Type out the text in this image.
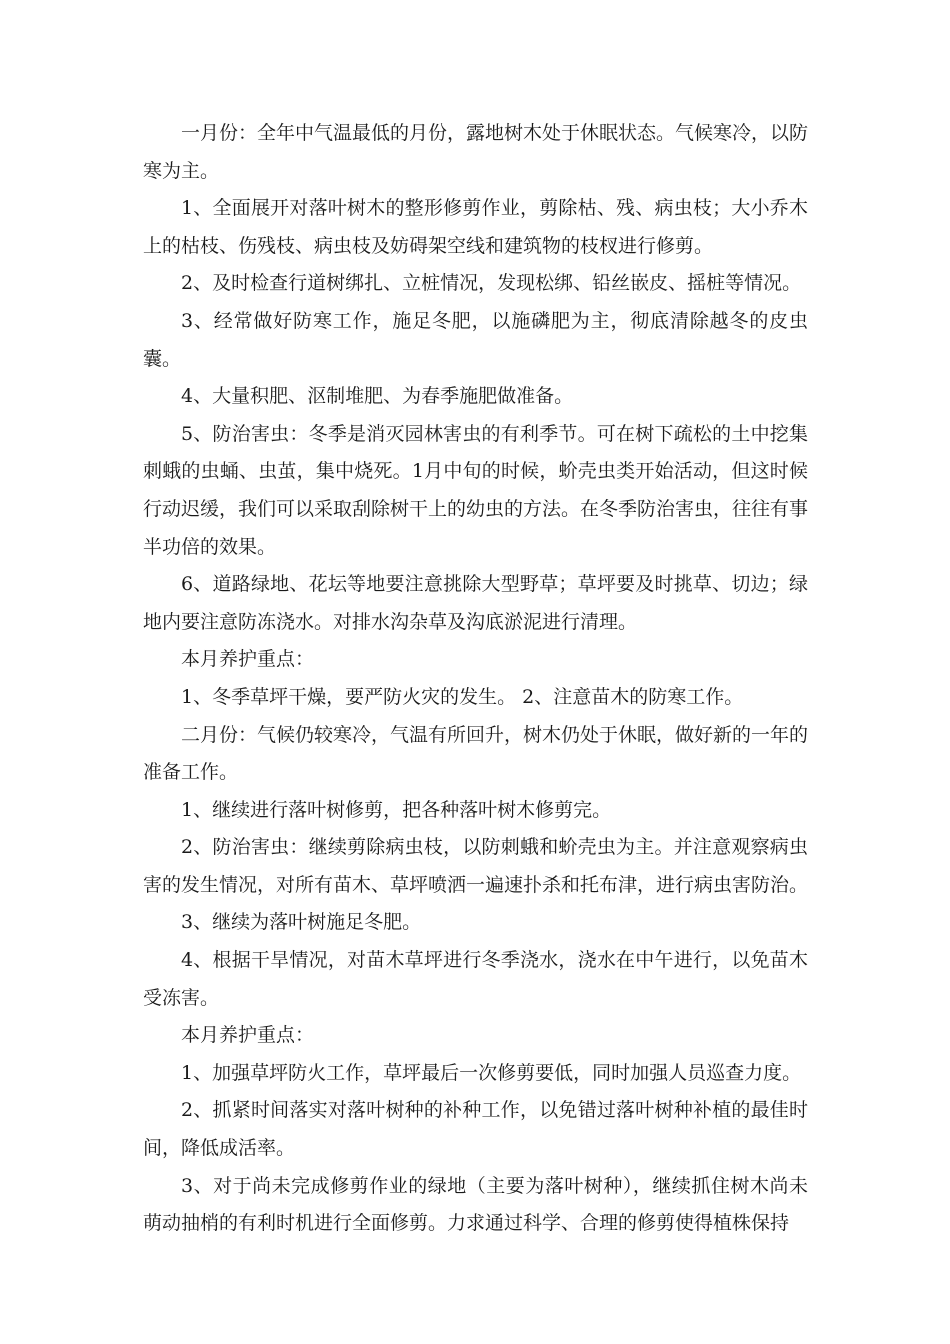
一月份：全年中气温最低的月份，露地树木处于休眠状态。气候寒冷，以防寒为主。

1、全面展开对落叶树木的整形修剪作业，剪除枯、残、病虫枝；大小乔木上的枯枝、伤残枝、病虫枝及妨碍架空线和建筑物的枝杈进行修剪。

2、及时检查行道树绑扎、立桩情况，发现松绑、铅丝嵌皮、摇桩等情况。

3、经常做好防寒工作，施足冬肥，以施磷肥为主，彻底清除越冬的皮虫囊。

4、大量积肥、沤制堆肥、为春季施肥做准备。

5、防治害虫：冬季是消灭园林害虫的有利季节。可在树下疏松的土中挖集刺蛾的虫蛹、虫茧，集中烧死。1月中旬的时候，蚧壳虫类开始活动，但这时候行动迟缓，我们可以采取刮除树干上的幼虫的方法。在冬季防治害虫，往往有事半功倍的效果。

6、道路绿地、花坛等地要注意挑除大型野草；草坪要及时挑草、切边；绿地内要注意防冻浇水。对排水沟杂草及沟底淤泥进行清理。

本月养护重点：

1、冬季草坪干燥，要严防火灾的发生。 2、注意苗木的防寒工作。

二月份：气候仍较寒冷，气温有所回升，树木仍处于休眠，做好新的一年的准备工作。

1、继续进行落叶树修剪，把各种落叶树木修剪完。

2、防治害虫：继续剪除病虫枝，以防刺蛾和蚧壳虫为主。并注意观察病虫害的发生情况，对所有苗木、草坪喷洒一遍速扑杀和托布津，进行病虫害防治。

3、继续为落叶树施足冬肥。

4、根据干旱情况，对苗木草坪进行冬季浇水，浇水在中午进行，以免苗木受冻害。

本月养护重点：

1、加强草坪防火工作，草坪最后一次修剪要低，同时加强人员巡查力度。

2、抓紧时间落实对落叶树种的补种工作，以免错过落叶树种补植的最佳时间，降低成活率。

3、对于尚未完成修剪作业的绿地（主要为落叶树种），继续抓住树木尚未萌动抽梢的有利时机进行全面修剪。力求通过科学、合理的修剪使得植株保持
